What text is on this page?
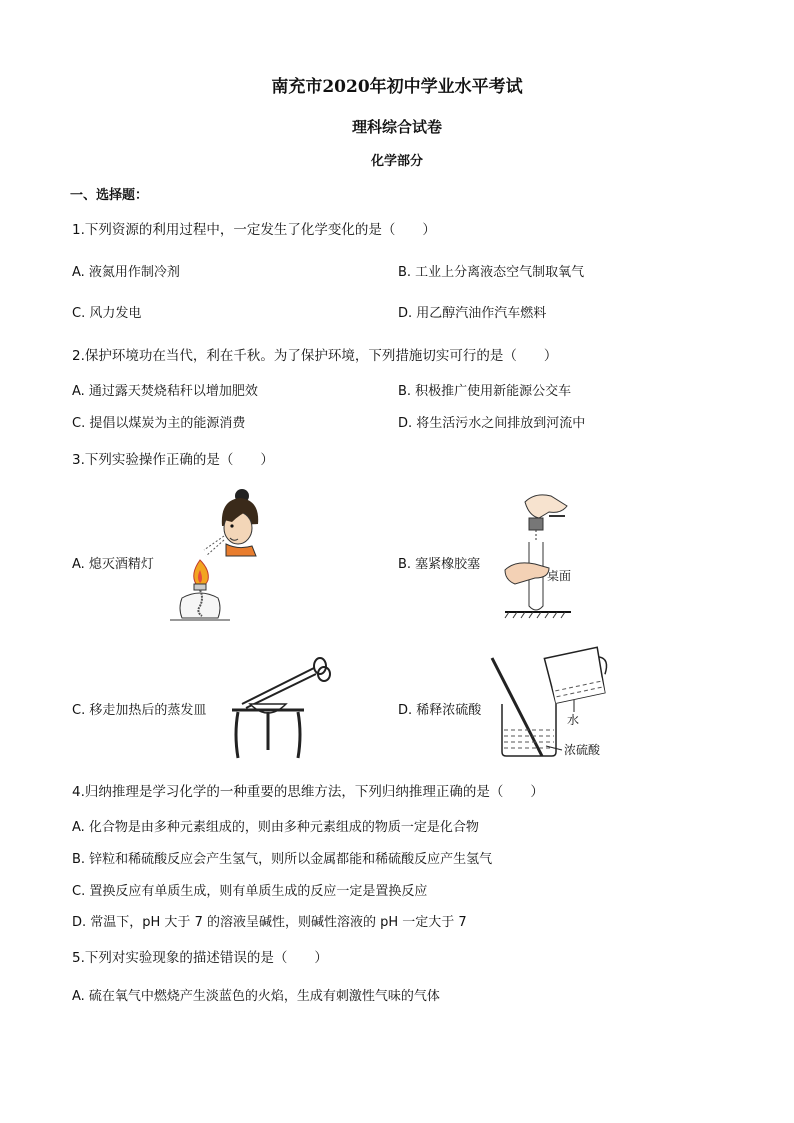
南充市2020年初中学业水平考试
理科综合试卷
化学部分
一、选择题：
1.下列资源的利用过程中，一定发生了化学变化的是（　　）
A. 液氮用作制冷剂	B. 工业上分离液态空气制取氧气
C. 风力发电	D. 用乙醇汽油作汽车燃料
2.保护环境功在当代，利在千秋。为了保护环境，下列措施切实可行的是（　　）
A. 通过露天焚烧秸秆以增加肥效	B. 积极推广使用新能源公交车
C. 提倡以煤炭为主的能源消费	D. 将生活污水之间排放到河流中
3.下列实验操作正确的是（　　）
A. 熄灭酒精灯	B. 塞紧橡胶塞
C. 移走加热后的蒸发皿	D. 稀释浓硫酸
桌面
水
浓硫酸
4.归纳推理是学习化学的一种重要的思维方法，下列归纳推理正确的是（　　）
A. 化合物是由多种元素组成的，则由多种元素组成的物质一定是化合物
B. 锌粒和稀硫酸反应会产生氢气，则所以金属都能和稀硫酸反应产生氢气
C. 置换反应有单质生成，则有单质生成的反应一定是置换反应
D. 常温下，pH 大于 7 的溶液呈碱性，则碱性溶液的 pH 一定大于 7
5.下列对实验现象的描述错误的是（　　）
A. 硫在氧气中燃烧产生淡蓝色的火焰，生成有刺激性气味的气体
